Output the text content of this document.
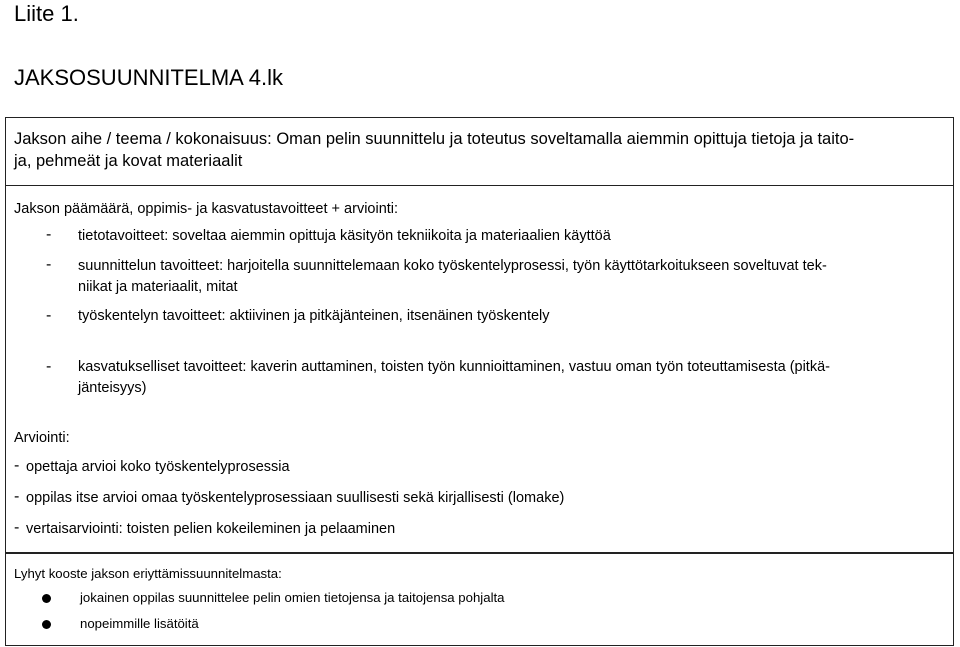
Liite 1.
JAKSOSUUNNITELMA 4.lk
Jakson aihe / teema / kokonaisuus: Oman pelin suunnittelu ja toteutus soveltamalla aiemmin opittuja tietoja ja taito-
ja, pehmeät ja kovat materiaalit
Jakson päämäärä, oppimis- ja kasvatustavoitteet + arviointi:
- tietotavoitteet: soveltaa aiemmin opittuja käsityön tekniikoita ja materiaalien käyttöä
- suunnittelun tavoitteet: harjoitella suunnittelemaan koko työskentelyprosessi, työn käyttötarkoitukseen soveltuvat tek-
niikat ja materiaalit, mitat
- työskentelyn tavoitteet: aktiivinen ja pitkäjänteinen, itsenäinen työskentely
- kasvatukselliset tavoitteet: kaverin auttaminen, toisten työn kunnioittaminen, vastuu oman työn toteuttamisesta (pitkä-
jänteisyys)
Arviointi:
- opettaja arvioi koko työskentelyprosessia
- oppilas itse arvioi omaa työskentelyprosessiaan suullisesti sekä kirjallisesti (lomake)
- vertaisarviointi: toisten pelien kokeileminen ja pelaaminen
Lyhyt kooste jakson eriyttämissuunnitelmasta:
jokainen oppilas suunnittelee pelin omien tietojensa ja taitojensa pohjalta
nopeimmille lisätöitä
